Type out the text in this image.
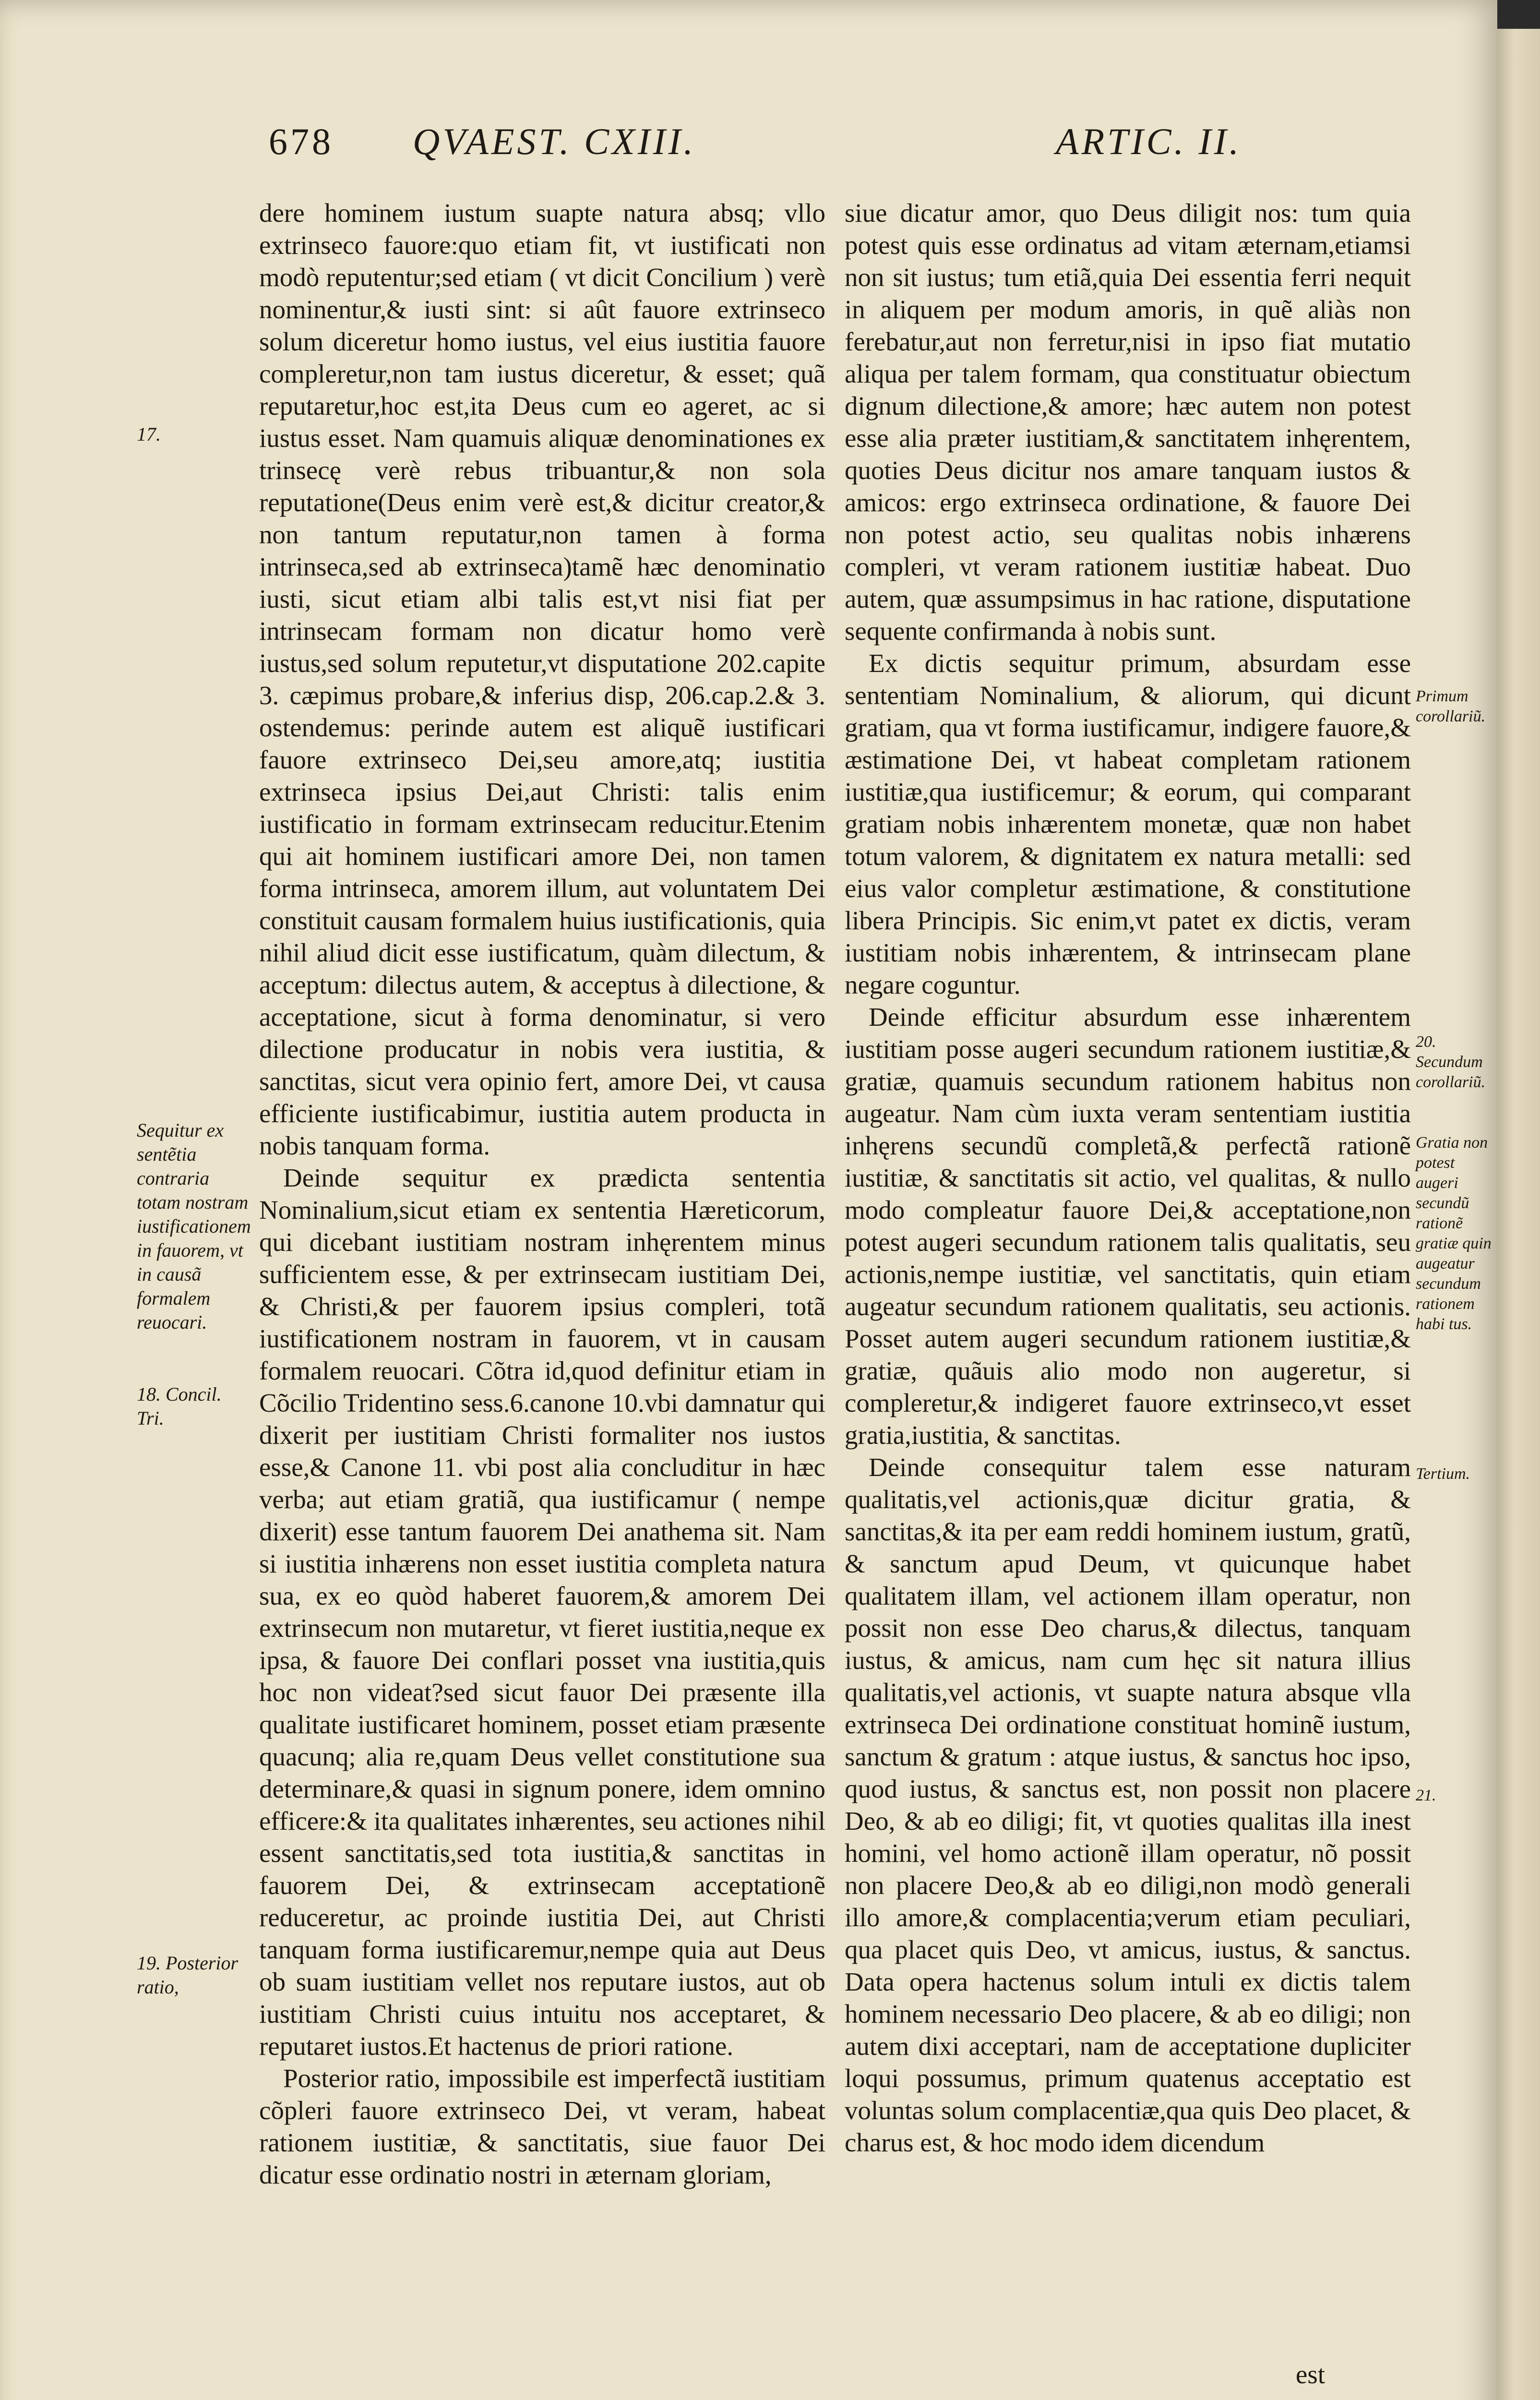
678 QVAEST. CXIII.	ARTIC. II.

dere hominem iustum suapte natura absq; vllo extrinseco fauore:quo etiam fit, vt iustificati non modò reputentur;sed etiam ( vt dicit Concilium ) verè nominentur,& iusti sint: si aût fauore extrinseco solum diceretur homo iustus, vel eius iustitia fauore compleretur,non tam iustus diceretur, & esset; quã reputaretur,hoc est,ita Deus cum eo ageret, ac si iustus esset. Nam quamuis aliquæ denominationes ex trinsecę verè rebus tribuantur,& non sola reputatione(Deus enim verè est,& dicitur creator,& non tantum reputatur,non tamen à forma intrinseca,sed ab extrinseca)tamẽ hæc denominatio iusti, sicut etiam albi talis est,vt nisi fiat per intrinsecam formam non dicatur homo verè iustus,sed solum reputetur,vt disputatione 202.capite 3. cæpimus probare,& inferius disp, 206.cap.2.& 3. ostendemus: perinde autem est aliquẽ iustificari fauore extrinseco Dei,seu amore,atq; iustitia extrinseca ipsius Dei,aut Christi: talis enim iustificatio in formam extrinsecam reducitur.Etenim qui ait hominem iustificari amore Dei, non tamen forma intrinseca, amorem illum, aut voluntatem Dei constituit causam formalem huius iustificationis, quia nihil aliud dicit esse iustificatum, quàm dilectum, & acceptum: dilectus autem, & acceptus à dilectione, & acceptatione, sicut à forma denominatur, si vero dilectione producatur in nobis vera iustitia, & sanctitas, sicut vera opinio fert, amore Dei, vt causa efficiente iustificabimur, iustitia autem producta in nobis tanquam forma.

Deinde sequitur ex prædicta sententia Nominalium,sicut etiam ex sententia Hæreticorum, qui dicebant iustitiam nostram inhęrentem minus sufficientem esse, & per extrinsecam iustitiam Dei, & Christi,& per fauorem ipsius compleri, totã iustificationem nostram in fauorem, vt in causam formalem reuocari. Cõtra id,quod definitur etiam in Cõcilio Tridentino sess.6.canone 10.vbi damnatur qui dixerit per iustitiam Christi formaliter nos iustos esse,& Canone 11. vbi post alia concluditur in hæc verba; aut etiam gratiã, qua iustificamur ( nempe dixerit) esse tantum fauorem Dei anathema sit. Nam si iustitia inhærens non esset iustitia completa natura sua, ex eo quòd haberet fauorem,& amorem Dei extrinsecum non mutaretur, vt fieret iustitia,neque ex ipsa, & fauore Dei conflari posset vna iustitia,quis hoc non videat?sed sicut fauor Dei præsente illa qualitate iustificaret hominem, posset etiam præsente quacunq; alia re,quam Deus vellet constitutione sua determinare,& quasi in signum ponere, idem omnino efficere:& ita qualitates inhærentes, seu actiones nihil essent sanctitatis,sed tota iustitia,& sanctitas in fauorem Dei, & extrinsecam acceptationẽ reduceretur, ac proinde iustitia Dei, aut Christi tanquam forma iustificaremur,nempe quia aut Deus ob suam iustitiam vellet nos reputare iustos, aut ob iustitiam Christi cuius intuitu nos acceptaret, & reputaret iustos.Et hactenus de priori ratione.

Posterior ratio, impossibile est imperfectã iustitiam cõpleri fauore extrinseco Dei, vt veram, habeat rationem iustitiæ, & sanctitatis, siue fauor Dei dicatur esse ordinatio nostri in æternam gloriam,

siue dicatur amor, quo Deus diligit nos: tum quia potest quis esse ordinatus ad vitam æternam,etiamsi non sit iustus; tum etiã,quia Dei essentia ferri nequit in aliquem per modum amoris, in quẽ aliàs non ferebatur,aut non ferretur,nisi in ipso fiat mutatio aliqua per talem formam, qua constituatur obiectum dignum dilectione,& amore; hæc autem non potest esse alia præter iustitiam,& sanctitatem inhęrentem, quoties Deus dicitur nos amare tanquam iustos & amicos: ergo extrinseca ordinatione, & fauore Dei non potest actio, seu qualitas nobis inhærens compleri, vt veram rationem iustitiæ habeat. Duo autem, quæ assumpsimus in hac ratione, disputatione sequente confirmanda à nobis sunt.

Ex dictis sequitur primum, absurdam esse sententiam Nominalium, & aliorum, qui dicunt gratiam, qua vt forma iustificamur, indigere fauore,& æstimatione Dei, vt habeat completam rationem iustitiæ,qua iustificemur; & eorum, qui comparant gratiam nobis inhærentem monetæ, quæ non habet totum valorem, & dignitatem ex natura metalli: sed eius valor completur æstimatione, & constitutione libera Principis. Sic enim,vt patet ex dictis, veram iustitiam nobis inhærentem, & intrinsecam plane negare coguntur.

Deinde efficitur absurdum esse inhærentem iustitiam posse augeri secundum rationem iustitiæ,& gratiæ, quamuis secundum rationem habitus non augeatur. Nam cùm iuxta veram sententiam iustitia inhęrens secundũ completã,& perfectã rationẽ iustitiæ, & sanctitatis sit actio, vel qualitas, & nullo modo compleatur fauore Dei,& acceptatione,non potest augeri secundum rationem talis qualitatis, seu actionis,nempe iustitiæ, vel sanctitatis, quin etiam augeatur secundum rationem qualitatis, seu actionis. Posset autem augeri secundum rationem iustitiæ,& gratiæ, quãuis alio modo non augeretur, si compleretur,& indigeret fauore extrinseco,vt esset gratia,iustitia, & sanctitas.

Deinde consequitur talem esse naturam qualitatis,vel actionis,quæ dicitur gratia, & sanctitas,& ita per eam reddi hominem iustum, gratũ, & sanctum apud Deum, vt quicunque habet qualitatem illam, vel actionem illam operatur, non possit non esse Deo charus,& dilectus, tanquam iustus, & amicus, nam cum hęc sit natura illius qualitatis,vel actionis, vt suapte natura absque vlla extrinseca Dei ordinatione constituat hominẽ iustum, sanctum & gratum : atque iustus, & sanctus hoc ipso, quod iustus, & sanctus est, non possit non placere Deo, & ab eo diligi; fit, vt quoties qualitas illa inest homini, vel homo actionẽ illam operatur, nõ possit non placere Deo,& ab eo diligi,non modò generali illo amore,& complacentia;verum etiam peculiari, qua placet quis Deo, vt amicus, iustus, & sanctus. Data opera hactenus solum intuli ex dictis talem hominem necessario Deo placere, & ab eo diligi; non autem dixi acceptari, nam de acceptatione dupliciter loqui possumus, primum quatenus acceptatio est voluntas solum complacentiæ,qua quis Deo placet, & charus est, & hoc modo idem dicendum

17.
Sequitur ex sentẽtia contraria totam nostram iustificationem in fauorem, vt in causã formalem reuocari.
18. Concil. Tri.
19. Posterior ratio,
Primum corollariũ.
20. Secundum corollariũ.
Gratia non potest augeri secundũ rationẽ gratiæ quin augeatur secundum rationem habi tus.
Tertium.
21.
est
